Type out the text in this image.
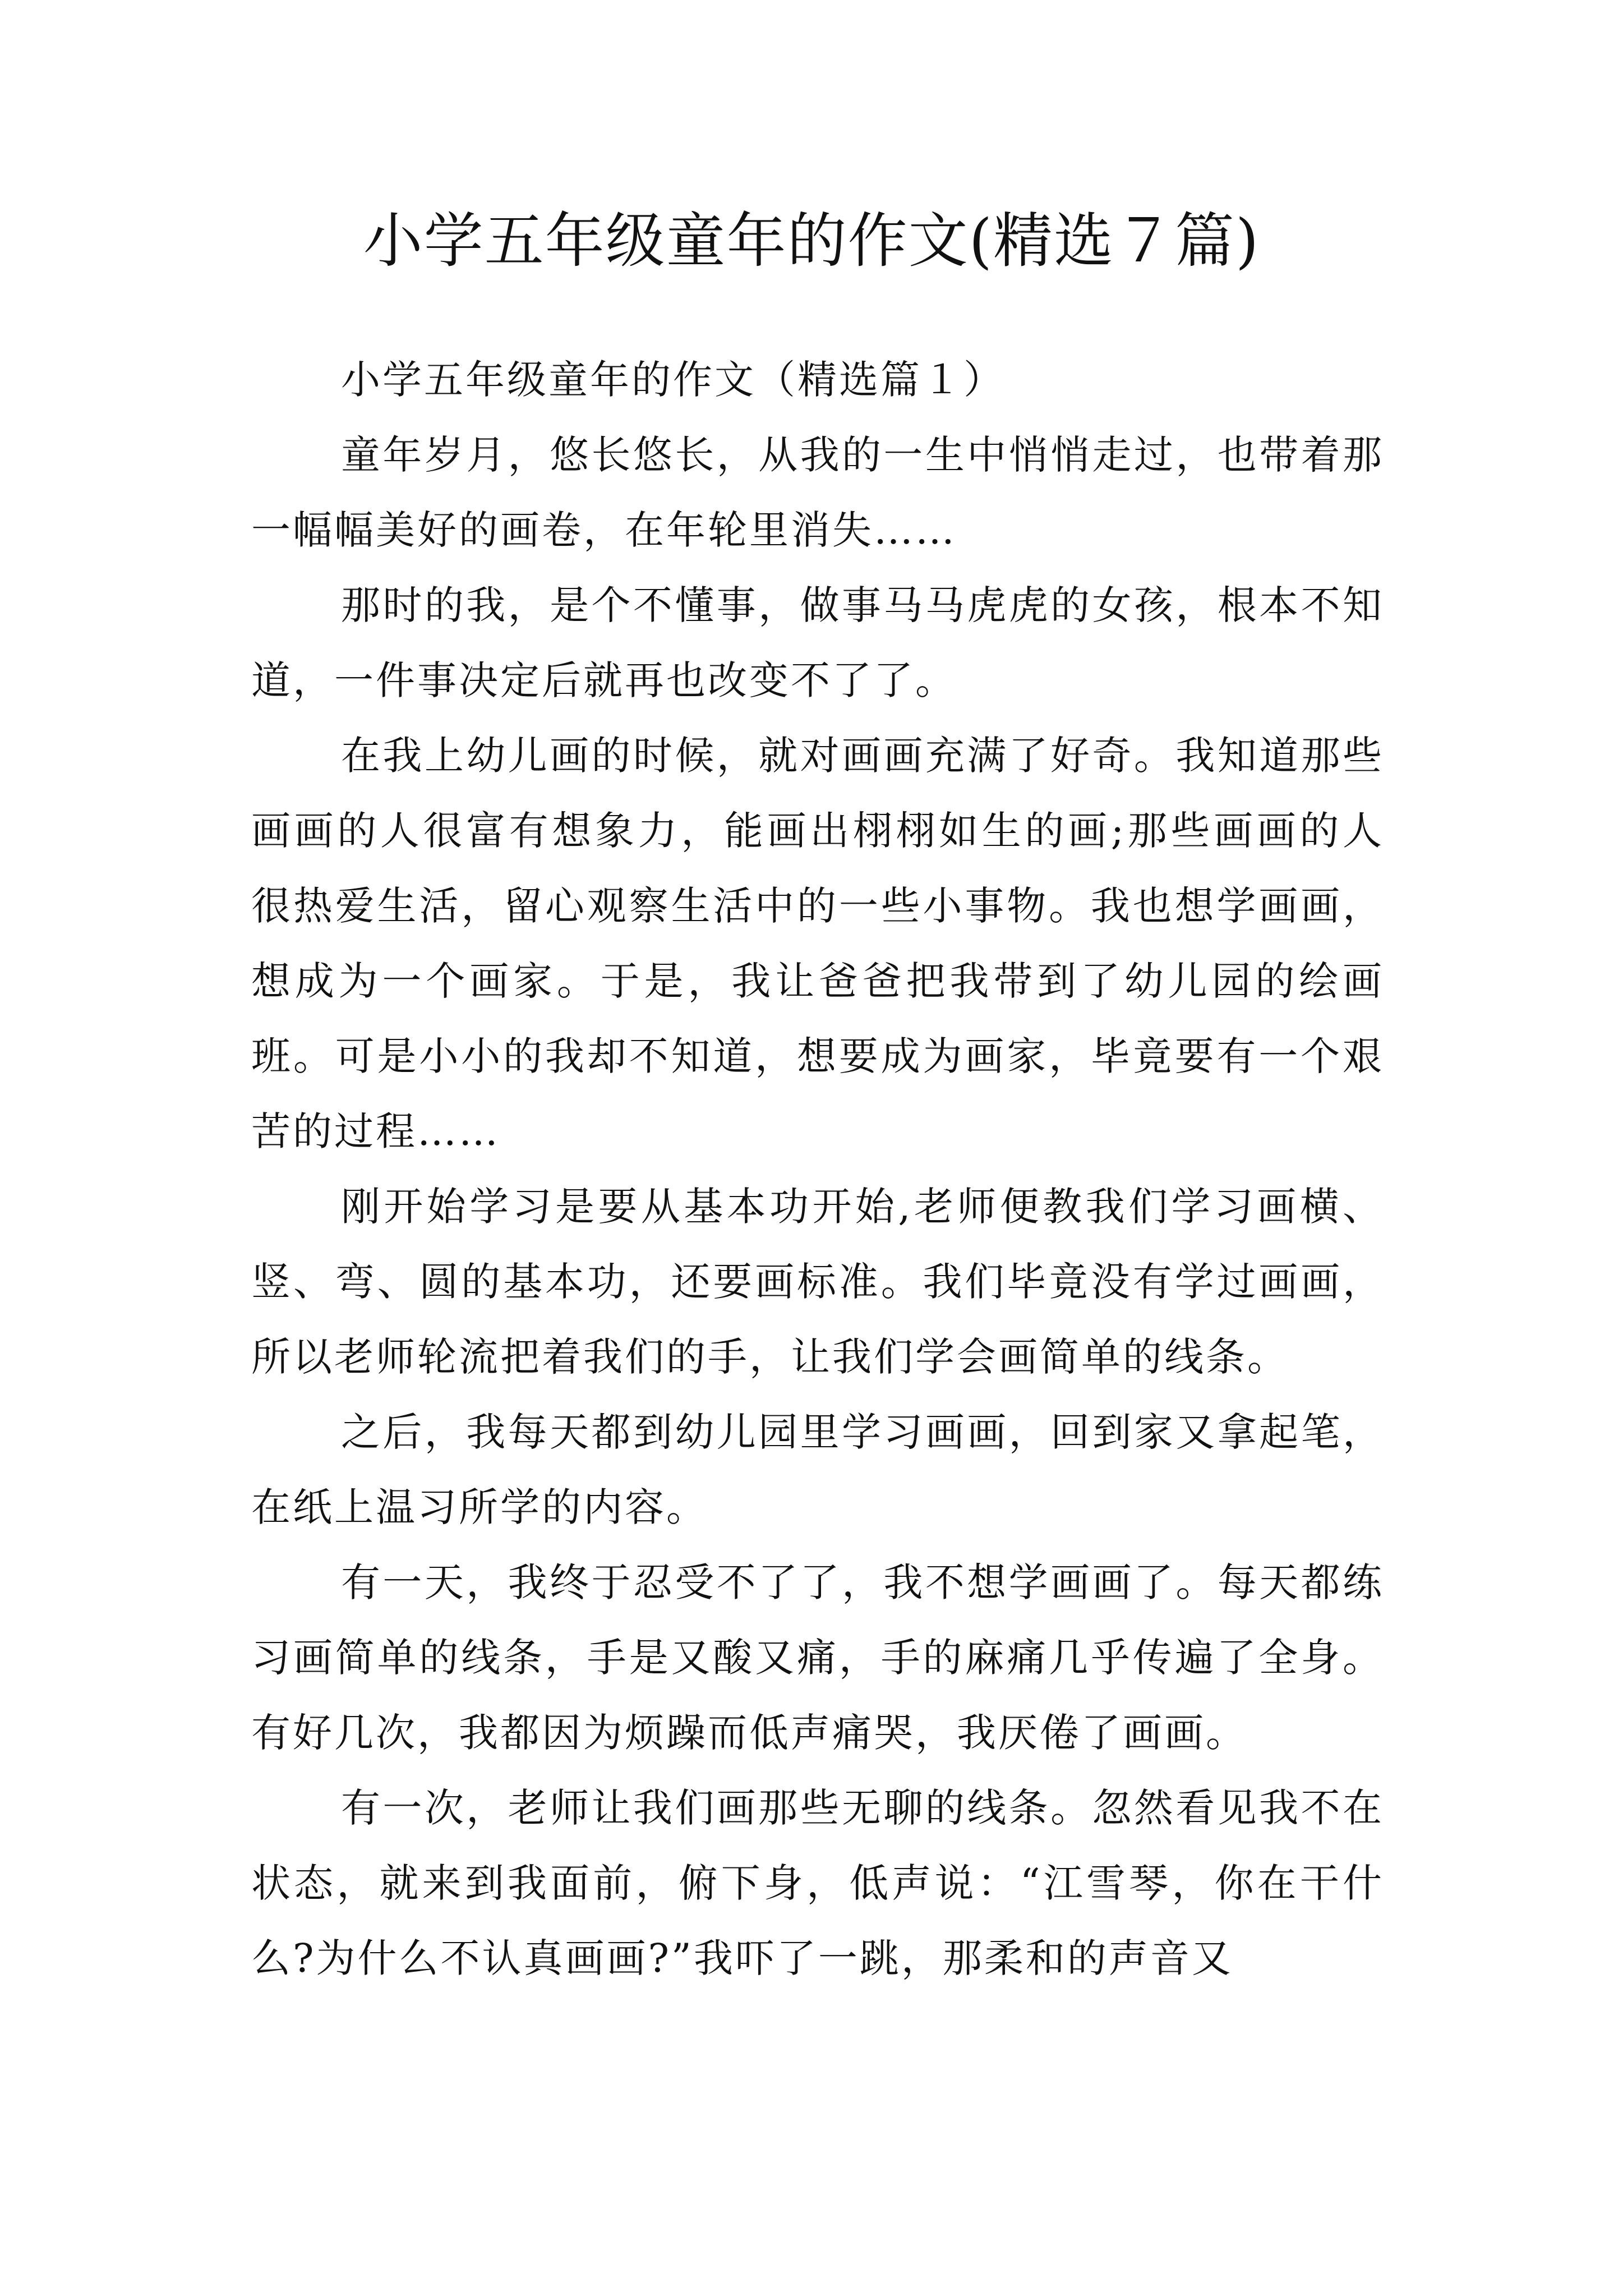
小学五年级童年的作文(精选７篇)

小学五年级童年的作文（精选篇１）

童年岁月，悠长悠长，从我的一生中悄悄走过，也带着那一幅幅美好的画卷，在年轮里消失……

那时的我，是个不懂事，做事马马虎虎的女孩，根本不知道，一件事决定后就再也改变不了了。

在我上幼儿画的时候，就对画画充满了好奇。我知道那些画画的人很富有想象力，能画出栩栩如生的画;那些画画的人很热爱生活，留心观察生活中的一些小事物。我也想学画画，想成为一个画家。于是，我让爸爸把我带到了幼儿园的绘画班。可是小小的我却不知道，想要成为画家，毕竟要有一个艰苦的过程……

刚开始学习是要从基本功开始,老师便教我们学习画横、竖、弯、圆的基本功，还要画标准。我们毕竟没有学过画画，所以老师轮流把着我们的手，让我们学会画简单的线条。

之后，我每天都到幼儿园里学习画画，回到家又拿起笔，在纸上温习所学的内容。

有一天，我终于忍受不了了，我不想学画画了。每天都练习画简单的线条，手是又酸又痛，手的麻痛几乎传遍了全身。有好几次，我都因为烦躁而低声痛哭，我厌倦了画画。

有一次，老师让我们画那些无聊的线条。忽然看见我不在状态，就来到我面前，俯下身，低声说：“江雪琴，你在干什么?为什么不认真画画?”我吓了一跳，那柔和的声音又
